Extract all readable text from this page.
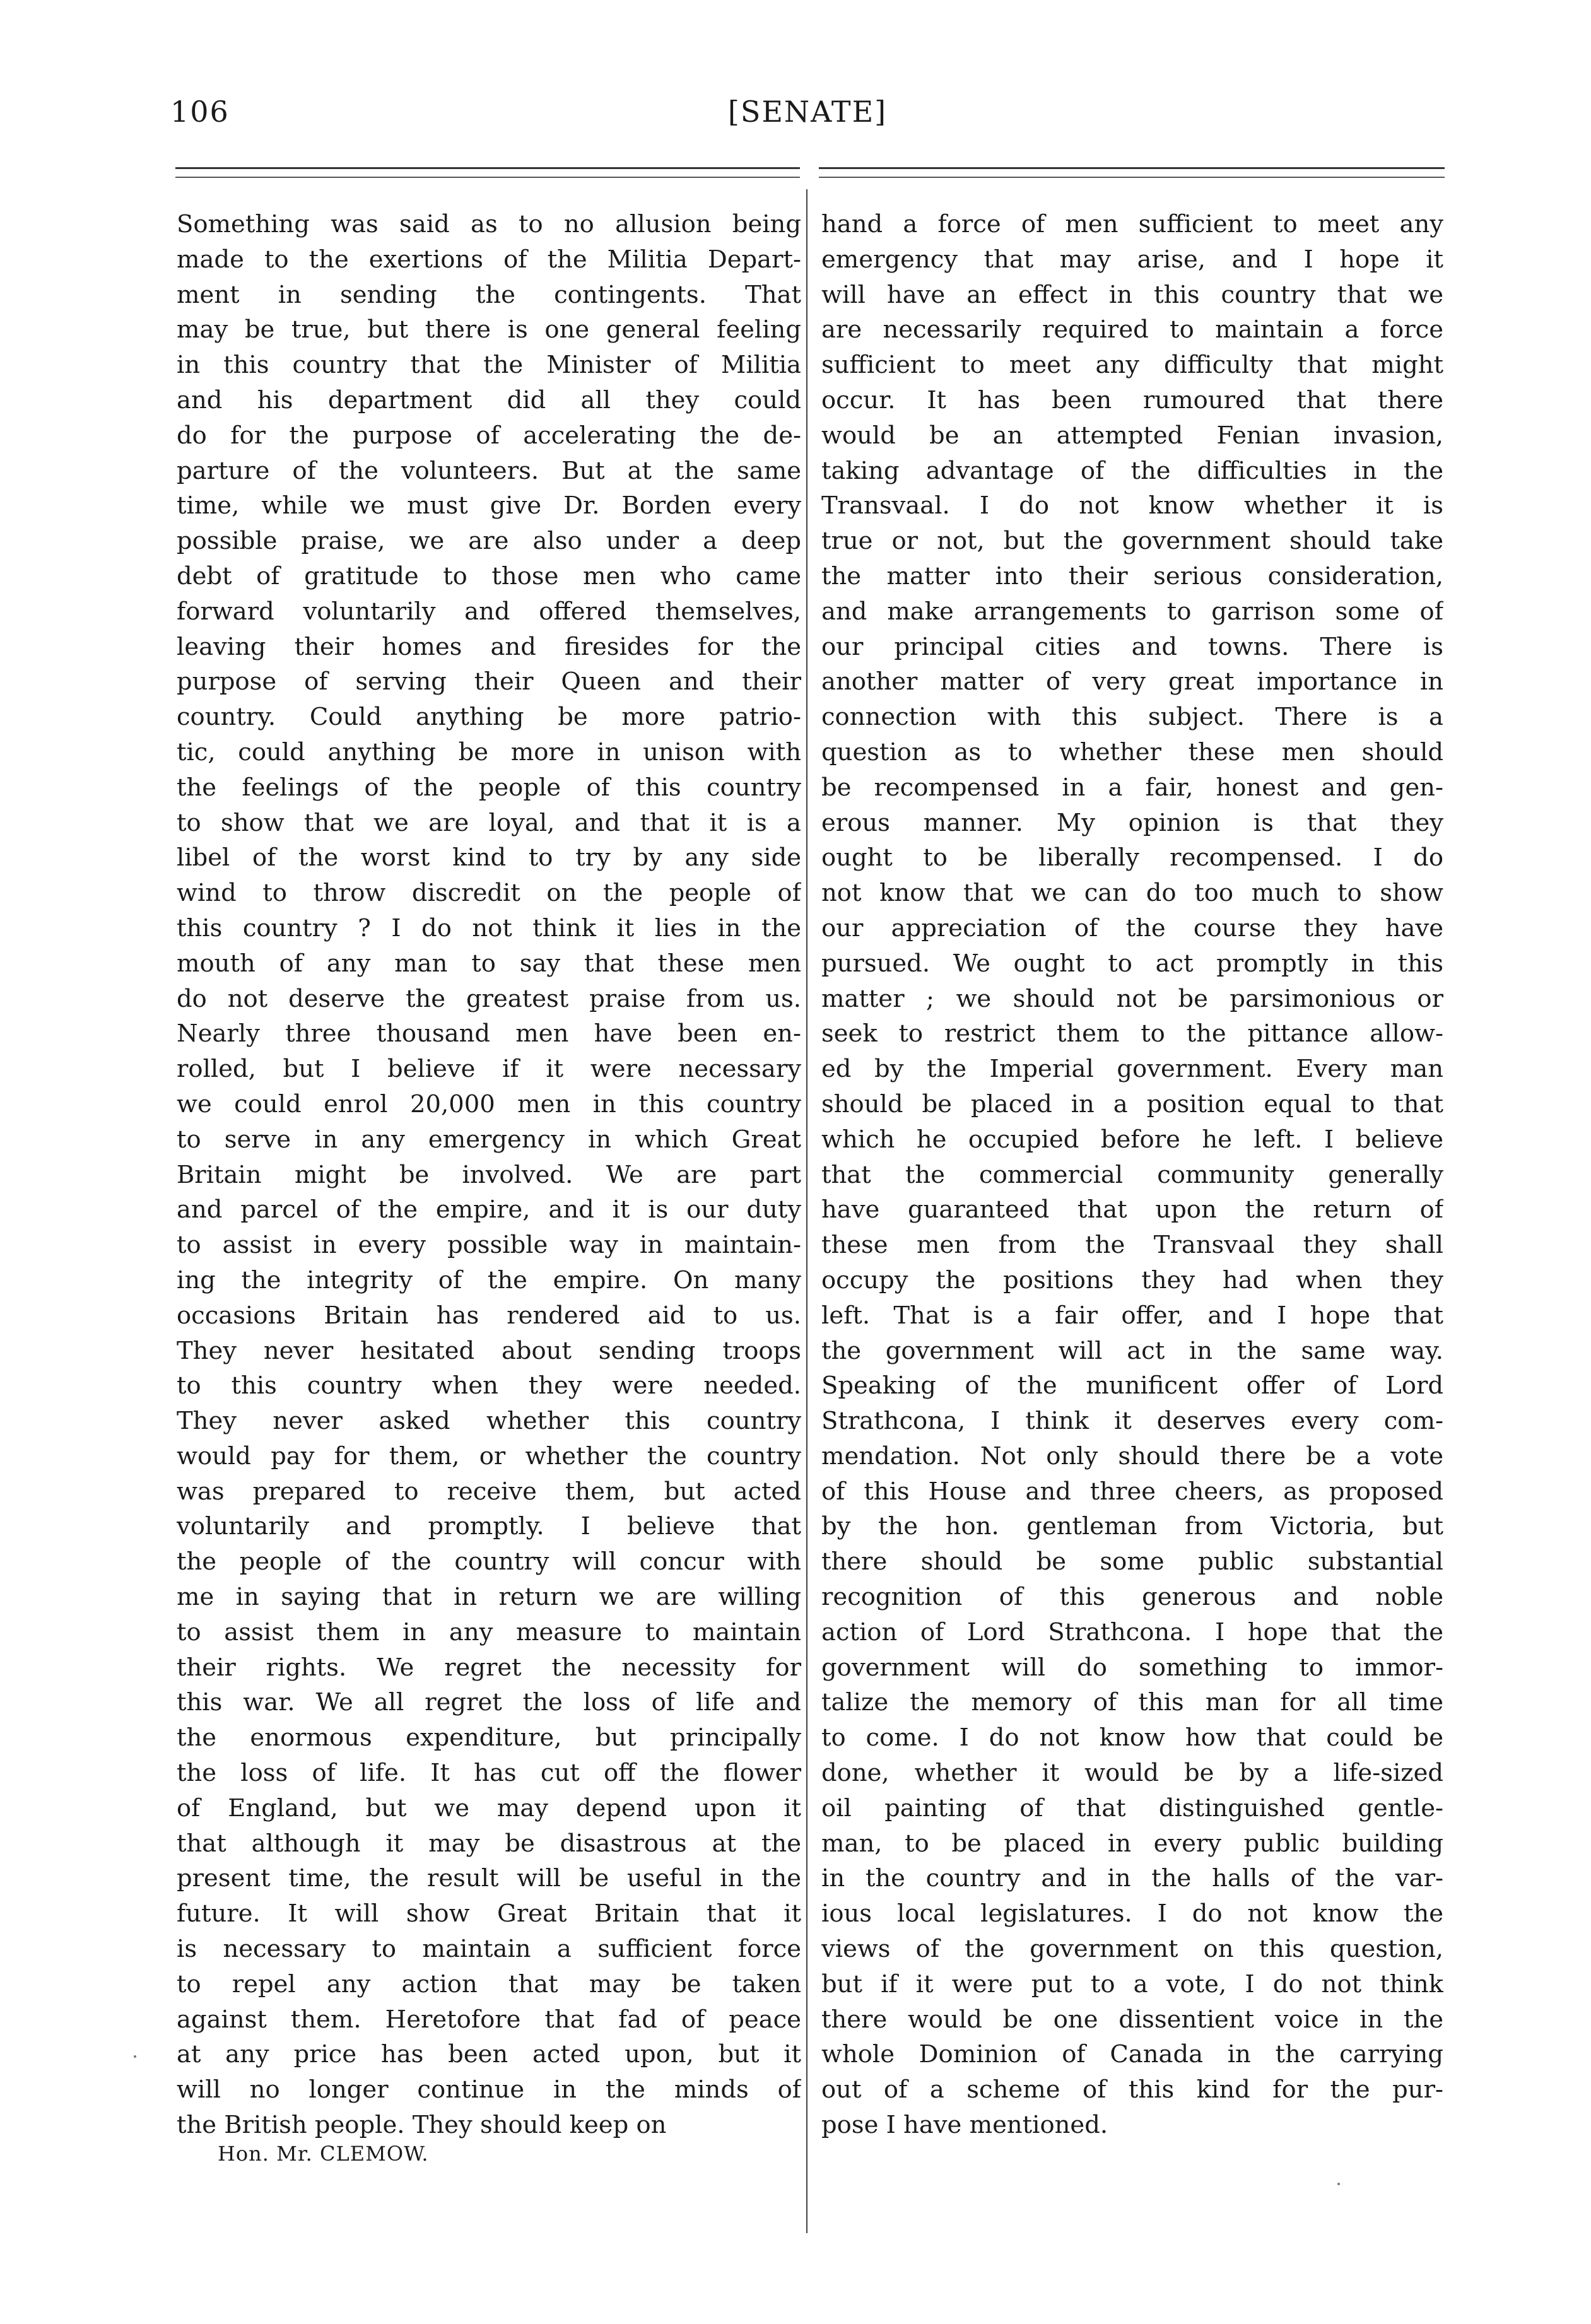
106	[SENATE]
Something was said as to no allusion being
made to the exertions of the Militia Depart-
ment in sending the contingents. That
may be true, but there is one general feeling
in this country that the Minister of Militia
and his department did all they could
do for the purpose of accelerating the de-
parture of the volunteers. But at the same
time, while we must give Dr. Borden every
possible praise, we are also under a deep
debt of gratitude to those men who came
forward voluntarily and offered themselves,
leaving their homes and firesides for the
purpose of serving their Queen and their
country. Could anything be more patrio-
tic, could anything be more in unison with
the feelings of the people of this country
to show that we are loyal, and that it is a
libel of the worst kind to try by any side
wind to throw discredit on the people of
this country ? I do not think it lies in the
mouth of any man to say that these men
do not deserve the greatest praise from us.
Nearly three thousand men have been en-
rolled, but I believe if it were necessary
we could enrol 20,000 men in this country
to serve in any emergency in which Great
Britain might be involved. We are part
and parcel of the empire, and it is our duty
to assist in every possible way in maintain-
ing the integrity of the empire. On many
occasions Britain has rendered aid to us.
They never hesitated about sending troops
to this country when they were needed.
They never asked whether this country
would pay for them, or whether the country
was prepared to receive them, but acted
voluntarily and promptly. I believe that
the people of the country will concur with
me in saying that in return we are willing
to assist them in any measure to maintain
their rights. We regret the necessity for
this war. We all regret the loss of life and
the enormous expenditure, but principally
the loss of life. It has cut off the flower
of England, but we may depend upon it
that although it may be disastrous at the
present time, the result will be useful in the
future. It will show Great Britain that it
is necessary to maintain a sufficient force
to repel any action that may be taken
against them. Heretofore that fad of peace
at any price has been acted upon, but it
will no longer continue in the minds of
the British people. They should keep on
hand a force of men sufficient to meet any
emergency that may arise, and I hope it
will have an effect in this country that we
are necessarily required to maintain a force
sufficient to meet any difficulty that might
occur. It has been rumoured that there
would be an attempted Fenian invasion,
taking advantage of the difficulties in the
Transvaal. I do not know whether it is
true or not, but the government should take
the matter into their serious consideration,
and make arrangements to garrison some of
our principal cities and towns. There is
another matter of very great importance in
connection with this subject. There is a
question as to whether these men should
be recompensed in a fair, honest and gen-
erous manner. My opinion is that they
ought to be liberally recompensed. I do
not know that we can do too much to show
our appreciation of the course they have
pursued. We ought to act promptly in this
matter ; we should not be parsimonious or
seek to restrict them to the pittance allow-
ed by the Imperial government. Every man
should be placed in a position equal to that
which he occupied before he left. I believe
that the commercial community generally
have guaranteed that upon the return of
these men from the Transvaal they shall
occupy the positions they had when they
left. That is a fair offer, and I hope that
the government will act in the same way.
Speaking of the munificent offer of Lord
Strathcona, I think it deserves every com-
mendation. Not only should there be a vote
of this House and three cheers, as proposed
by the hon. gentleman from Victoria, but
there should be some public substantial
recognition of this generous and noble
action of Lord Strathcona. I hope that the
government will do something to immor-
talize the memory of this man for all time
to come. I do not know how that could be
done, whether it would be by a life-sized
oil painting of that distinguished gentle-
man, to be placed in every public building
in the country and in the halls of the var-
ious local legislatures. I do not know the
views of the government on this question,
but if it were put to a vote, I do not think
there would be one dissentient voice in the
whole Dominion of Canada in the carrying
out of a scheme of this kind for the pur-
pose I have mentioned.
Hon. Mr. CLEMOW.
